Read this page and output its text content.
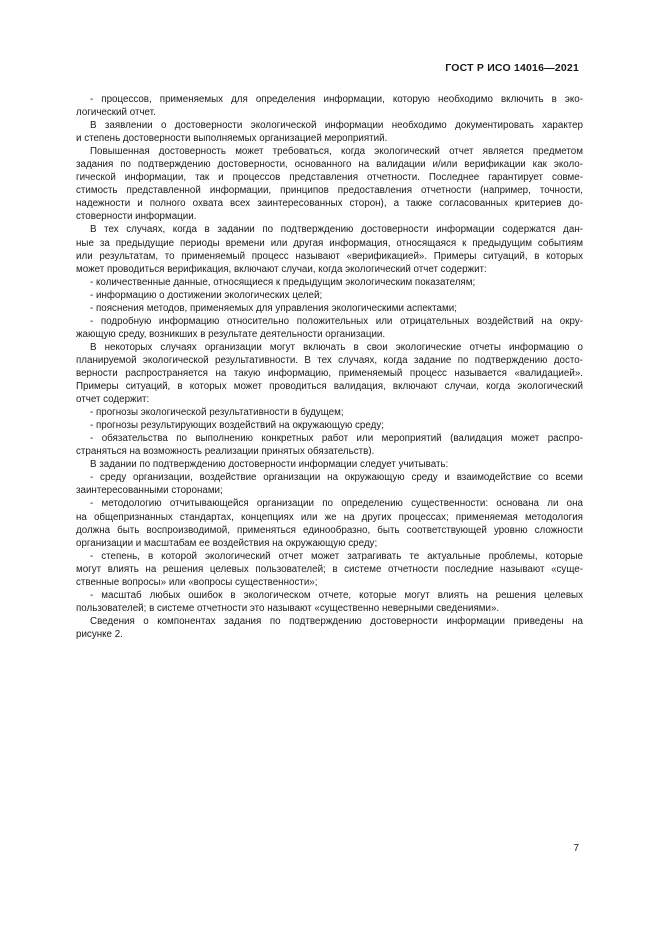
ГОСТ Р ИСО 14016—2021
- процессов, применяемых для определения информации, которую необходимо включить в эко-
логический отчет.
В заявлении о достоверности экологической информации необходимо документировать характер
и степень достоверности выполняемых организацией мероприятий.
Повышенная достоверность может требоваться, когда экологический отчет является предметом
задания по подтверждению достоверности, основанного на валидации и/или верификации как эколо-
гической информации, так и процессов представления отчетности. Последнее гарантирует совме-
стимость представленной информации, принципов предоставления отчетности (например, точности,
надежности и полного охвата всех заинтересованных сторон), а также согласованных критериев до-
стоверности информации.
В тех случаях, когда в задании по подтверждению достоверности информации содержатся дан-
ные за предыдущие периоды времени или другая информация, относящаяся к предыдущим событиям
или результатам, то применяемый процесс называют «верификацией». Примеры ситуаций, в которых
может проводиться верификация, включают случаи, когда экологический отчет содержит:
- количественные данные, относящиеся к предыдущим экологическим показателям;
- информацию о достижении экологических целей;
- пояснения методов, применяемых для управления экологическими аспектами;
- подробную информацию относительно положительных или отрицательных воздействий на окру-
жающую среду, возникших в результате деятельности организации.
В некоторых случаях организации могут включать в свои экологические отчеты информацию о
планируемой экологической результативности. В тех случаях, когда задание по подтверждению досто-
верности распространяется на такую информацию, применяемый процесс называется «валидацией».
Примеры ситуаций, в которых может проводиться валидация, включают случаи, когда экологический
отчет содержит:
- прогнозы экологической результативности в будущем;
- прогнозы результирующих воздействий на окружающую среду;
- обязательства по выполнению конкретных работ или мероприятий (валидация может распро-
страняться на возможность реализации принятых обязательств).
В задании по подтверждению достоверности информации следует учитывать:
- среду организации, воздействие организации на окружающую среду и взаимодействие со всеми
заинтересованными сторонами;
- методологию отчитывающейся организации по определению существенности: основана ли она
на общепризнанных стандартах, концепциях или же на других процессах; применяемая методология
должна быть воспроизводимой, применяться единообразно, быть соответствующей уровню сложности
организации и масштабам ее воздействия на окружающую среду;
- степень, в которой экологический отчет может затрагивать те актуальные проблемы, которые
могут влиять на решения целевых пользователей; в системе отчетности последние называют «суще-
ственные вопросы» или «вопросы существенности»;
- масштаб любых ошибок в экологическом отчете, которые могут влиять на решения целевых
пользователей; в системе отчетности это называют «существенно неверными сведениями».
Сведения о компонентах задания по подтверждению достоверности информации приведены на
рисунке 2.
7
